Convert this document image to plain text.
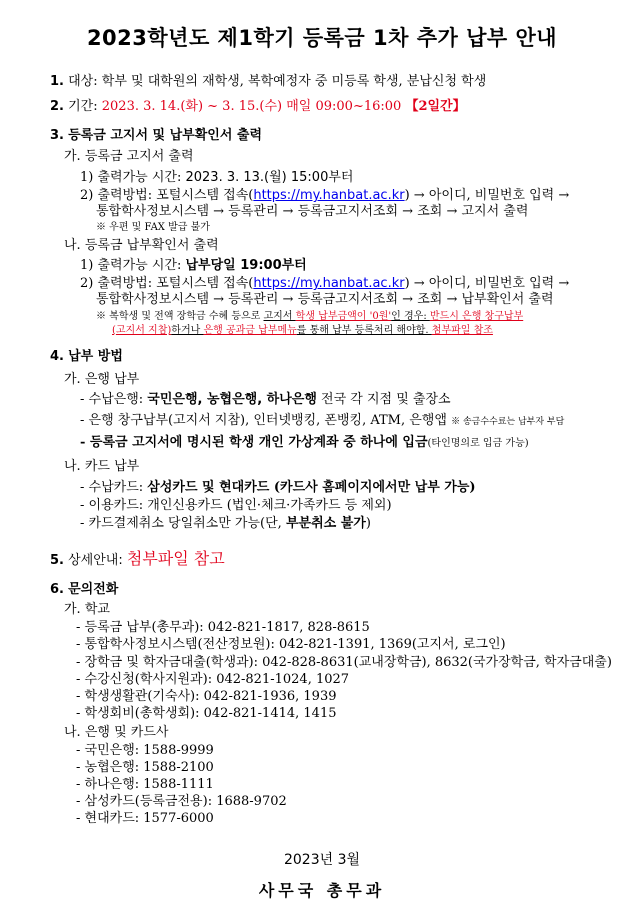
2023학년도 제1학기 등록금 1차 추가 납부 안내
1. 대상: 학부 및 대학원의 재학생, 복학예정자 중 미등록 학생, 분납신청 학생
2. 기간: 2023. 3. 14.(화) ~ 3. 15.(수) 매일 09:00~16:00 【2일간】
3. 등록금 고지서 및 납부확인서 출력
가. 등록금 고지서 출력
1) 출력가능 시간: 2023. 3. 13.(월) 15:00부터
2) 출력방법: 포털시스템 접속(https://my.hanbat.ac.kr) → 아이디, 비밀번호 입력 →
통합학사정보시스템 → 등록관리 → 등록금고지서조회 → 조회 → 고지서 출력
※ 우편 및 FAX 발급 불가
나. 등록금 납부확인서 출력
1) 출력가능 시간: 납부당일 19:00부터
2) 출력방법: 포털시스템 접속(https://my.hanbat.ac.kr) → 아이디, 비밀번호 입력 →
통합학사정보시스템 → 등록관리 → 등록금고지서조회 → 조회 → 납부확인서 출력
※ 복학생 및 전액 장학금 수혜 등으로 고지서 학생 납부금액이 '0원'인 경우: 반드시 은행 창구납부
(고지서 지참)하거나 은행 공과금 납부메뉴를 통해 납부 등록처리 해야함. 첨부파일 참조
4. 납부 방법
가. 은행 납부
- 수납은행: 국민은행, 농협은행, 하나은행 전국 각 지점 및 출장소
- 은행 창구납부(고지서 지참), 인터넷뱅킹, 폰뱅킹, ATM, 은행앱 ※ 송금수수료는 납부자 부담
- 등록금 고지서에 명시된 학생 개인 가상계좌 중 하나에 입금(타인명의로 입금 가능)
나. 카드 납부
- 수납카드: 삼성카드 및 현대카드 (카드사 홈페이지에서만 납부 가능)
- 이용카드: 개인신용카드 (법인·체크·가족카드 등 제외)
- 카드결제취소 당일취소만 가능(단, 부분취소 불가)
5. 상세안내: 첨부파일 참고
6. 문의전화
가. 학교
- 등록금 납부(총무과): 042-821-1817, 828-8615
- 통합학사정보시스템(전산정보원): 042-821-1391, 1369(고지서, 로그인)
- 장학금 및 학자금대출(학생과): 042-828-8631(교내장학금), 8632(국가장학금, 학자금대출)
- 수강신청(학사지원과): 042-821-1024, 1027
- 학생생활관(기숙사): 042-821-1936, 1939
- 학생회비(총학생회): 042-821-1414, 1415
나. 은행 및 카드사
- 국민은행: 1588-9999
- 농협은행: 1588-2100
- 하나은행: 1588-1111
- 삼성카드(등록금전용): 1688-9702
- 현대카드: 1577-6000
2023년 3월
사무국 총무과
